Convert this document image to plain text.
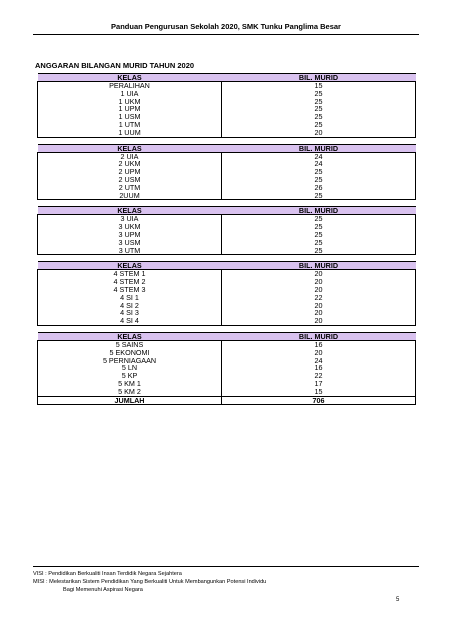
Panduan Pengurusan Sekolah 2020, SMK Tunku Panglima Besar
ANGGARAN BILANGAN MURID TAHUN 2020
KELAS	BIL. MURID
PERALIHAN	15
1 UIA	25
1 UKM	25
1 UPM	25
1 USM	25
1 UTM	25
1 UUM	20
KELAS	BIL. MURID
2 UIA	24
2 UKM	24
2 UPM	25
2 USM	25
2 UTM	26
2UUM	25
KELAS	BIL. MURID
3 UIA	25
3 UKM	25
3 UPM	25
3 USM	25
3 UTM	25
KELAS	BIL. MURID
4 STEM 1	20
4 STEM 2	20
4 STEM 3	20
4 SI 1	22
4 SI 2	20
4 SI 3	20
4 SI 4	20
KELAS	BIL. MURID
5 SAINS	16
5 EKONOMI	20
5 PERNIAGAAN	24
5 LN	16
5 KP	22
5 KM 1	17
5 KM 2	15
JUMLAH	706
VISI : Pendidikan Berkualiti Insan Terdidik Negara Sejahtera
MISI : Melestarikan Sistem Pendidikan Yang Berkualiti Untuk Membangunkan Potensi Individu
Bagi Memenuhi Aspirasi Negara
5
